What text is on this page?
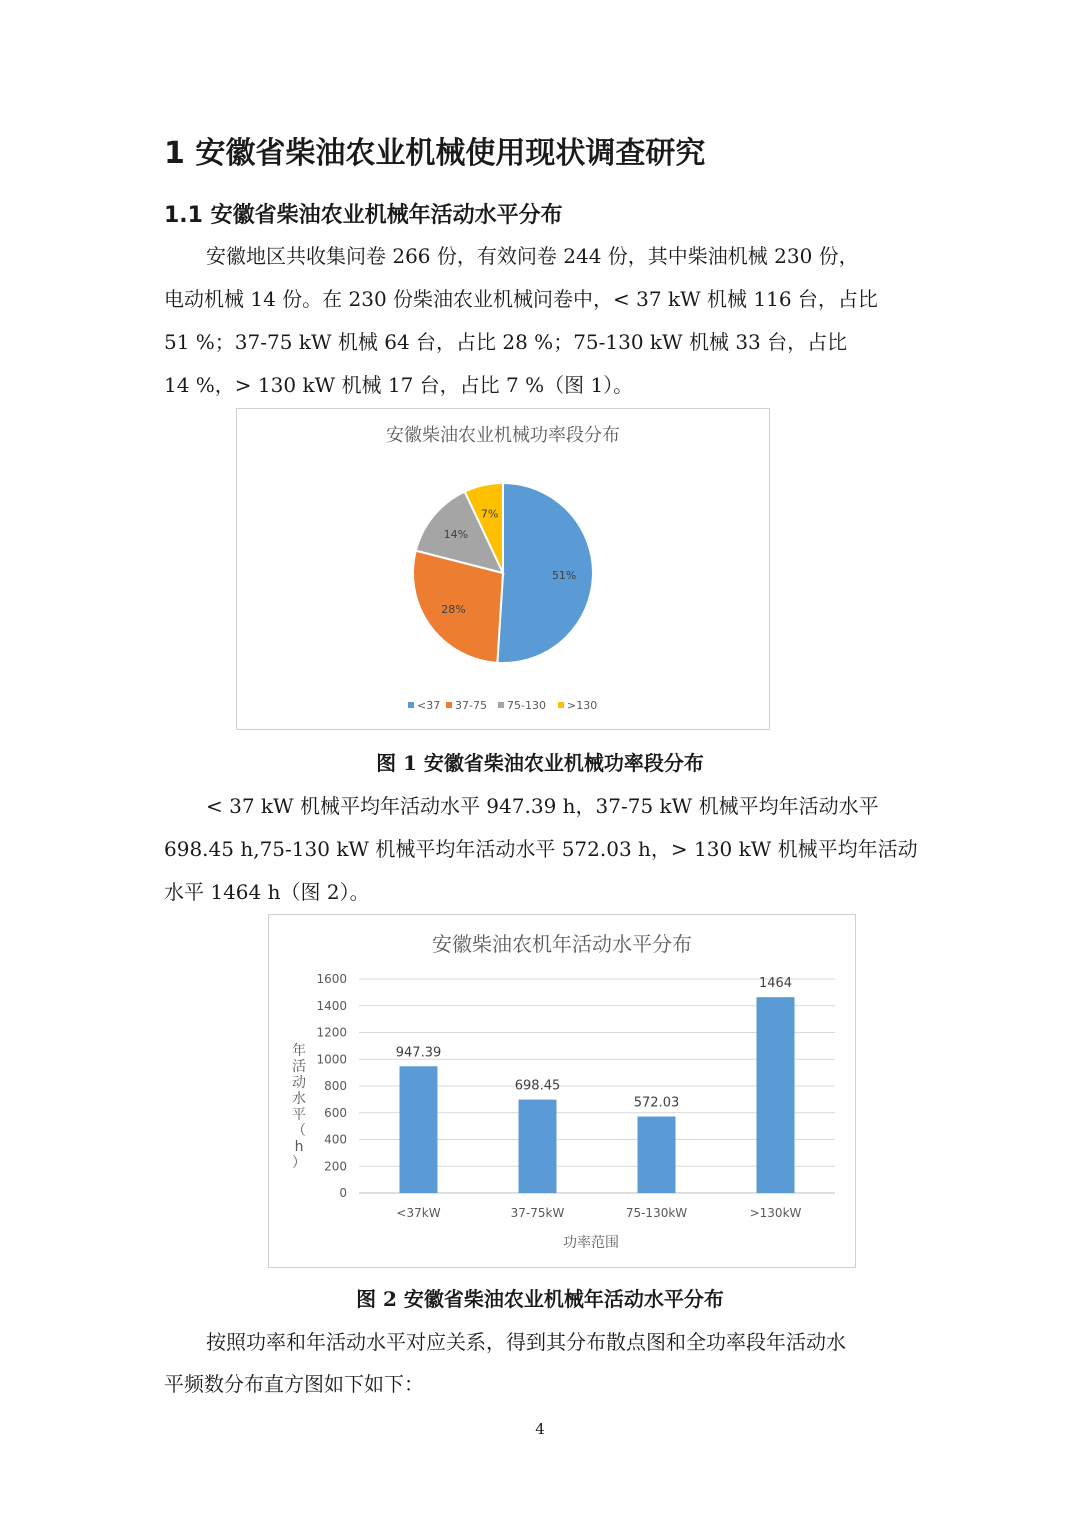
1 安徽省柴油农业机械使用现状调查研究
1.1 安徽省柴油农业机械年活动水平分布
安徽地区共收集问卷 266 份，有效问卷 244 份，其中柴油机械 230 份，
电动机械 14 份。在 230 份柴油农业机械问卷中，< 37 kW 机械 116 台，占比
51 %；37-75 kW 机械 64 台，占比 28 %；75-130 kW 机械 33 台，占比
14 %，> 130 kW 机械 17 台，占比 7 %（图 1）。
安徽柴油农业机械功率段分布
51%
28%
14%
7%
<37 37-75 75-130 >130
图 1 安徽省柴油农业机械功率段分布
< 37 kW 机械平均年活动水平 947.39 h，37-75 kW 机械平均年活动水平
698.45 h,75-130 kW 机械平均年活动水平 572.03 h，> 130 kW 机械平均年活动
水平 1464 h（图 2）。
安徽柴油农机年活动水平分布
0
200
400
600
800
1000
1200
1400
1600
947.39
698.45
572.03
1464
<37kW	37-75kW	75-130kW	>130kW
年
活
动
水
平
（
h
）
功率范围
图 2 安徽省柴油农业机械年活动水平分布
按照功率和年活动水平对应关系，得到其分布散点图和全功率段年活动水
平频数分布直方图如下如下：
4
